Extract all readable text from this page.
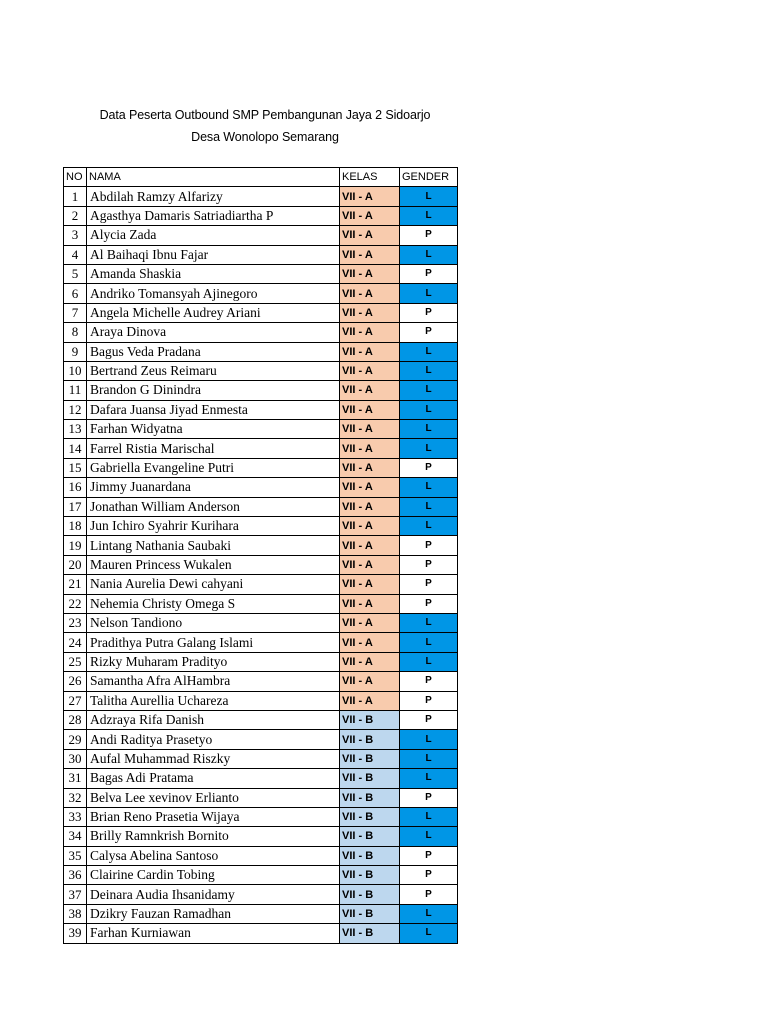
Data Peserta Outbound SMP Pembangunan Jaya 2 Sidoarjo
Desa Wonolopo Semarang
NO	NAMA	KELAS	GENDER
1	Abdilah Ramzy Alfarizy	VII - A	L
2	Agasthya Damaris Satriadiartha P	VII - A	L
3	Alycia Zada	VII - A	P
4	Al Baihaqi Ibnu Fajar	VII - A	L
5	Amanda Shaskia	VII - A	P
6	Andriko Tomansyah Ajinegoro	VII - A	L
7	Angela Michelle Audrey Ariani	VII - A	P
8	Araya Dinova	VII - A	P
9	Bagus Veda Pradana	VII - A	L
10	Bertrand Zeus Reimaru	VII - A	L
11	Brandon G Dinindra	VII - A	L
12	Dafara Juansa Jiyad Enmesta	VII - A	L
13	Farhan Widyatna	VII - A	L
14	Farrel Ristia Marischal	VII - A	L
15	Gabriella Evangeline Putri	VII - A	P
16	Jimmy Juanardana	VII - A	L
17	Jonathan William Anderson	VII - A	L
18	Jun Ichiro Syahrir Kurihara	VII - A	L
19	Lintang Nathania Saubaki	VII - A	P
20	Mauren Princess Wukalen	VII - A	P
21	Nania Aurelia Dewi cahyani	VII - A	P
22	Nehemia Christy Omega S	VII - A	P
23	Nelson Tandiono	VII - A	L
24	Pradithya Putra Galang Islami	VII - A	L
25	Rizky Muharam Pradityo	VII - A	L
26	Samantha Afra AlHambra	VII - A	P
27	Talitha Aurellia Uchareza	VII - A	P
28	Adzraya Rifa Danish	VII - B	P
29	Andi Raditya Prasetyo	VII - B	L
30	Aufal Muhammad Riszky	VII - B	L
31	Bagas Adi Pratama	VII - B	L
32	Belva Lee xevinov Erlianto	VII - B	P
33	Brian Reno Prasetia Wijaya	VII - B	L
34	Brilly Ramnkrish Bornito	VII - B	L
35	Calysa Abelina Santoso	VII - B	P
36	Clairine Cardin Tobing	VII - B	P
37	Deinara Audia Ihsanidamy	VII - B	P
38	Dzikry Fauzan Ramadhan	VII - B	L
39	Farhan Kurniawan	VII - B	L
